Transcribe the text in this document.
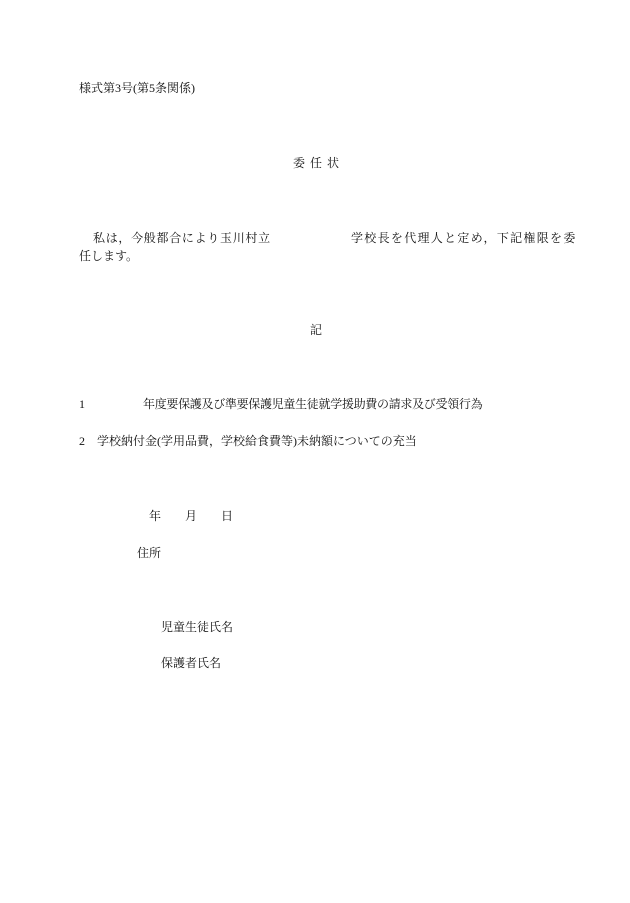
様式第3号(第5条関係)
委 任 状
私は，今般都合により玉川村立	学校長を代理人と定め，下記権限を委
任します。
記
1	年度要保護及び準要保護児童生徒就学援助費の請求及び受領行為
2 学校納付金(学用品費，学校給食費等)未納額についての充当
年 月 日
住所
児童生徒氏名
保護者氏名
